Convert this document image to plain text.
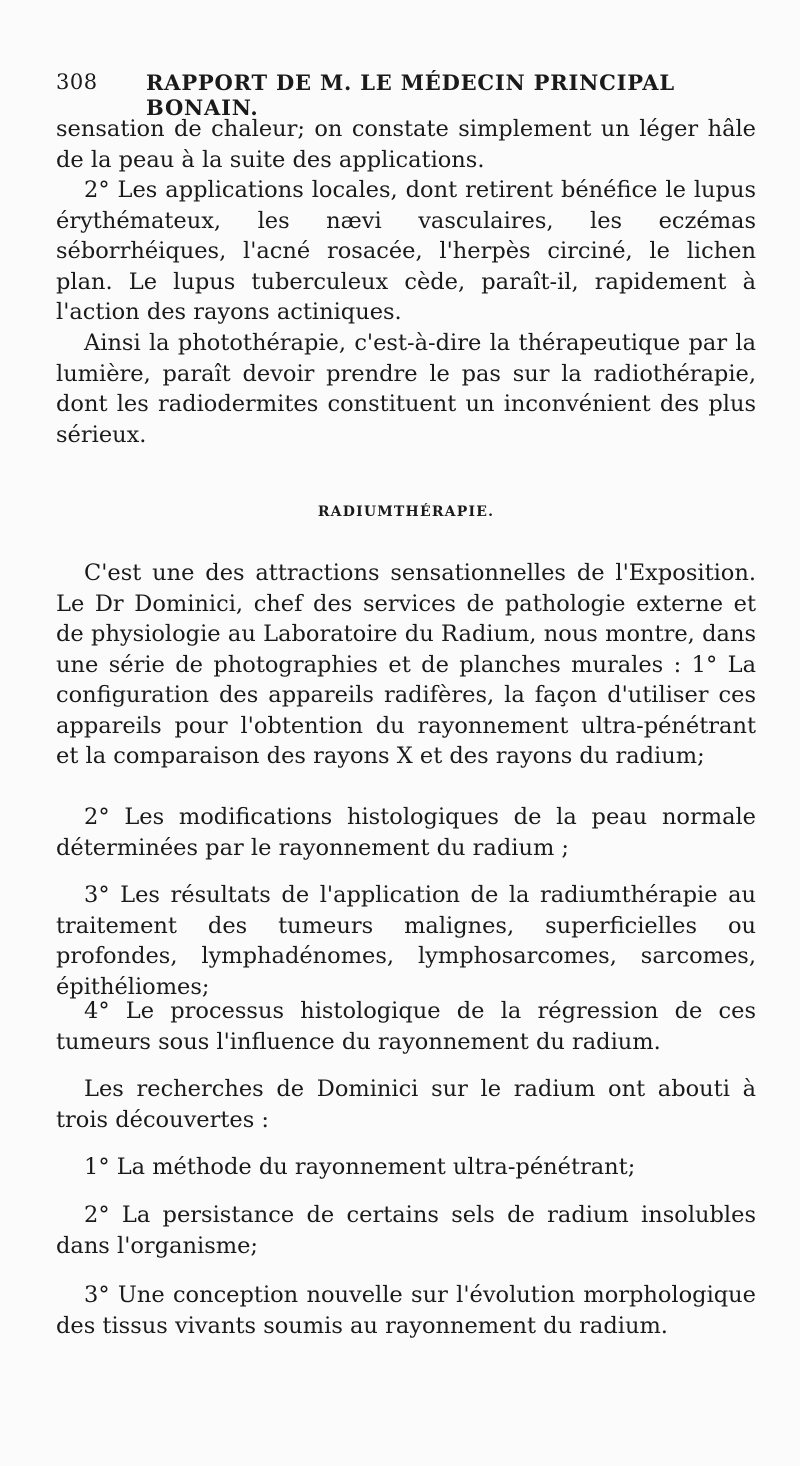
308 RAPPORT DE M. LE MÉDECIN PRINCIPAL BONAIN.

sensation de chaleur; on constate simplement un léger hâle de la peau à la suite des applications.

2° Les applications locales, dont retirent bénéfice le lupus érythémateux, les nævi vasculaires, les eczémas séborrhéiques, l'acné rosacée, l'herpès circiné, le lichen plan. Le lupus tuberculeux cède, paraît-il, rapidement à l'action des rayons actiniques.

Ainsi la photothérapie, c'est-à-dire la thérapeutique par la lumière, paraît devoir prendre le pas sur la radiothérapie, dont les radiodermites constituent un inconvénient des plus sérieux.

RADIUMTHÉRAPIE.

C'est une des attractions sensationnelles de l'Exposition. Le Dr Dominici, chef des services de pathologie externe et de physiologie au Laboratoire du Radium, nous montre, dans une série de photographies et de planches murales : 1° La configuration des appareils radifères, la façon d'utiliser ces appareils pour l'obtention du rayonnement ultra-pénétrant et la comparaison des rayons X et des rayons du radium;

2° Les modifications histologiques de la peau normale déterminées par le rayonnement du radium ;

3° Les résultats de l'application de la radiumthérapie au traitement des tumeurs malignes, superficielles ou profondes, lymphadénomes, lymphosarcomes, sarcomes, épithéliomes;

4° Le processus histologique de la régression de ces tumeurs sous l'influence du rayonnement du radium.

Les recherches de Dominici sur le radium ont abouti à trois découvertes :

1° La méthode du rayonnement ultra-pénétrant;

2° La persistance de certains sels de radium insolubles dans l'organisme;

3° Une conception nouvelle sur l'évolution morphologique des tissus vivants soumis au rayonnement du radium.
